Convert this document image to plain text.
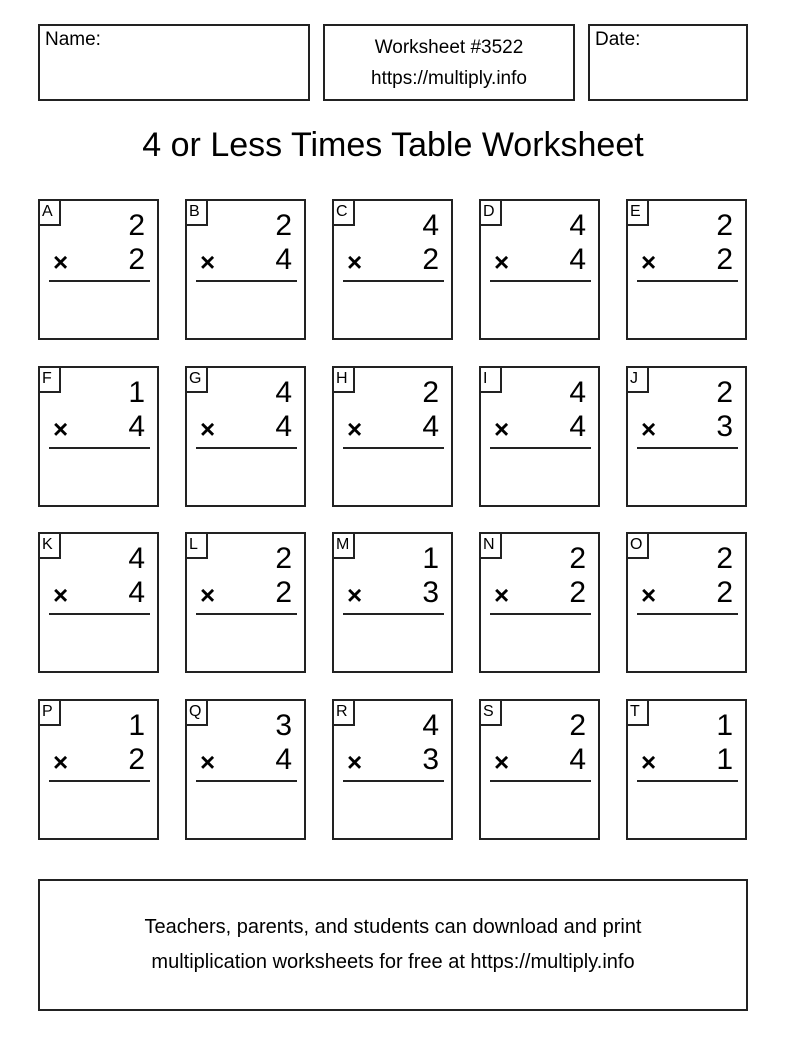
Name:	Worksheet #3522
https://multiply.info
Date:
4 or Less Times Table Worksheet
A	2
× 2
B	2
× 4
C 4
× 2
D 4
× 4
E	2
× 2
F	1
× 4
G 4
× 4
H 2
× 4
I	4
× 4
J	2
× 3
K	4
× 4
L	2
× 2
M 1
× 3
N 2
× 2
O 2
× 2
P	1
× 2
Q 3
× 4
R 4
× 3
S	2
× 4
T	1
× 1
Teachers, parents, and students can download and print
multiplication worksheets for free at https://multiply.info
